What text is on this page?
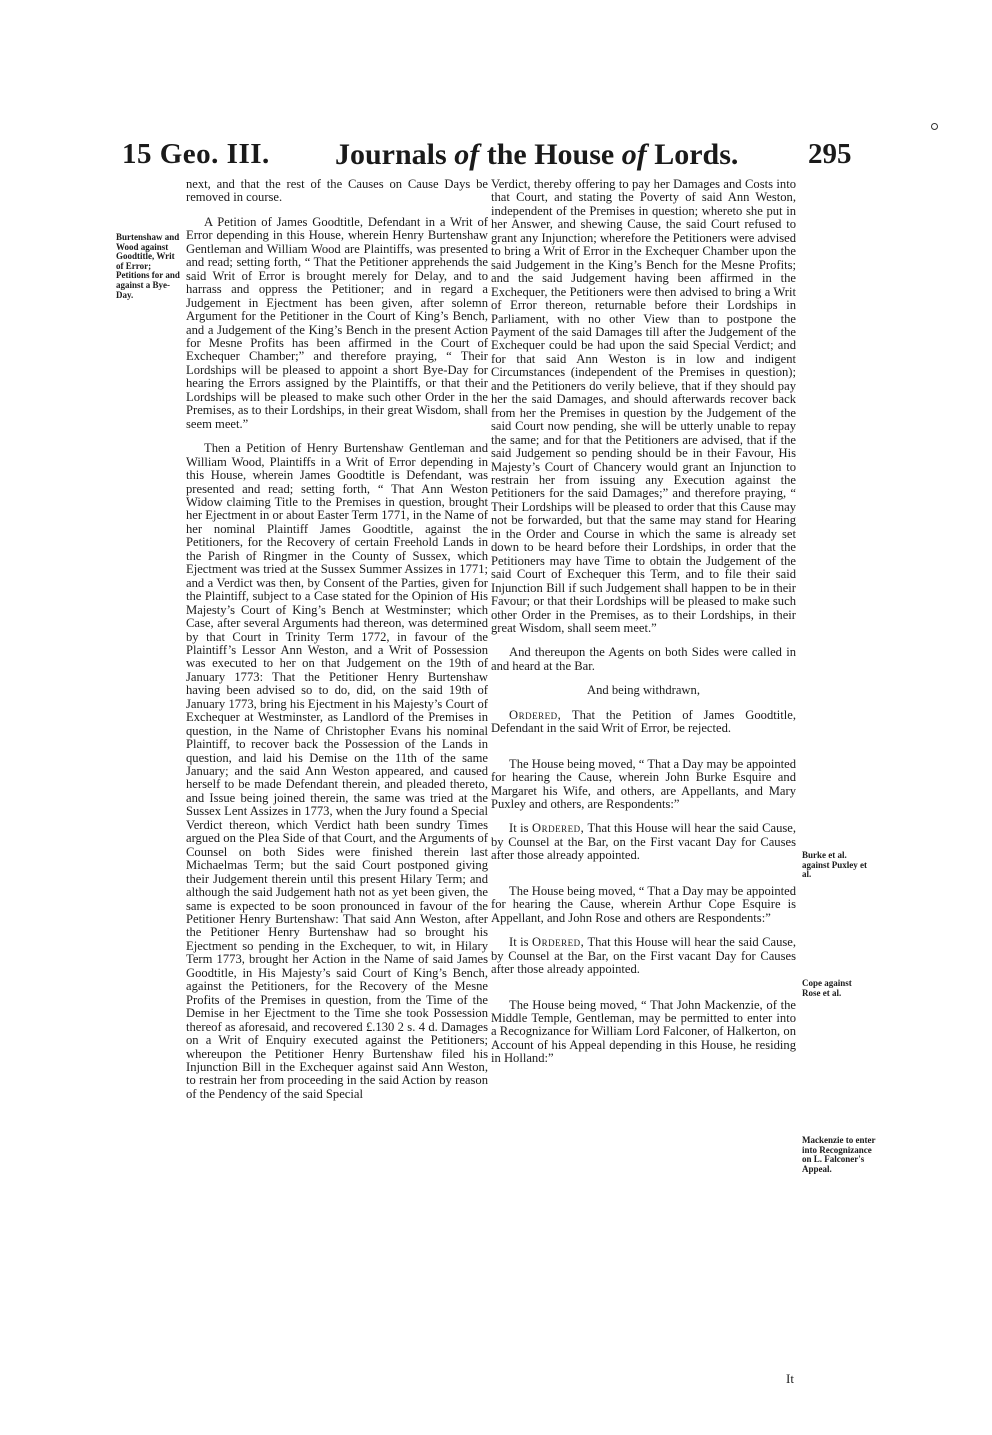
15 Geo. III. Journals of the House of Lords. 295
Burtenshaw and Wood against Goodtitle, Writ of Error; Petitions for and against a Bye-Day.
Burke et al. against Puxley et al.
Cope against Rose et al.
Mackenzie to enter into Recognizance on L. Falconer's Appeal.

next, and that the rest of the Causes on Cause Days be removed in course.

A Petition of James Goodtitle, Defendant in a Writ of Error depending in this House, wherein Henry Burtenshaw Gentleman and William Wood are Plaintiffs, was presented and read; setting forth, “ That the Petitioner apprehends the said Writ of Error is brought merely for Delay, and to harrass and oppress the Petitioner; and in regard a Judgement in Ejectment has been given, after solemn Argument for the Petitioner in the Court of King’s Bench, and a Judgement of the King’s Bench in the present Action for Mesne Profits has been affirmed in the Court of Exchequer Chamber;” and therefore praying, “ Their Lordships will be pleased to appoint a short Bye-Day for hearing the Errors assigned by the Plaintiffs, or that their Lordships will be pleased to make such other Order in the Premises, as to their Lordships, in their great Wisdom, shall seem meet.”

Then a Petition of Henry Burtenshaw Gentleman and William Wood, Plaintiffs in a Writ of Error depending in this House, wherein James Goodtitle is Defendant, was presented and read; setting forth, “ That Ann Weston Widow claiming Title to the Premises in question, brought her Ejectment in or about Easter Term 1771, in the Name of her nominal Plaintiff James Goodtitle, against the Petitioners, for the Recovery of certain Freehold Lands in the Parish of Ringmer in the County of Sussex, which Ejectment was tried at the Sussex Summer Assizes in 1771; and a Verdict was then, by Consent of the Parties, given for the Plaintiff, subject to a Case stated for the Opinion of His Majesty’s Court of King’s Bench at Westminster; which Case, after several Arguments had thereon, was determined by that Court in Trinity Term 1772, in favour of the Plaintiff’s Lessor Ann Weston, and a Writ of Possession was executed to her on that Judgement on the 19th of January 1773: That the Petitioner Henry Burtenshaw having been advised so to do, did, on the said 19th of January 1773, bring his Ejectment in his Majesty’s Court of Exchequer at Westminster, as Landlord of the Premises in question, in the Name of Christopher Evans his nominal Plaintiff, to recover back the Possession of the Lands in question, and laid his Demise on the 11th of the same January; and the said Ann Weston appeared, and caused herself to be made Defendant therein, and pleaded thereto, and Issue being joined therein, the same was tried at the Sussex Lent Assizes in 1773, when the Jury found a Special Verdict thereon, which Verdict hath been sundry Times argued on the Plea Side of that Court, and the Arguments of Counsel on both Sides were finished therein last Michaelmas Term; but the said Court postponed giving their Judgement therein until this present Hilary Term; and although the said Judgement hath not as yet been given, the same is expected to be soon pronounced in favour of the Petitioner Henry Burtenshaw: That said Ann Weston, after the Petitioner Henry Burtenshaw had so brought his Ejectment so pending in the Exchequer, to wit, in Hilary Term 1773, brought her Action in the Name of said James Goodtitle, in His Majesty’s said Court of King’s Bench, against the Petitioners, for the Recovery of the Mesne Profits of the Premises in question, from the Time of the Demise in her Ejectment to the Time she took Possession thereof as aforesaid, and recovered £.130 2 s. 4 d. Damages on a Writ of Enquiry executed against the Petitioners; whereupon the Petitioner Henry Burtenshaw filed his Injunction Bill in the Exchequer against said Ann Weston, to restrain her from proceeding in the said Action by reason of the Pendency of the said Special

Verdict, thereby offering to pay her Damages and Costs into that Court, and stating the Poverty of said Ann Weston, independent of the Premises in question; whereto she put in her Answer, and shewing Cause, the said Court refused to grant any Injunction; wherefore the Petitioners were advised to bring a Writ of Error in the Exchequer Chamber upon the said Judgement in the King’s Bench for the Mesne Profits; and the said Judgement having been affirmed in the Exchequer, the Petitioners were then advised to bring a Writ of Error thereon, returnable before their Lordships in Parliament, with no other View than to postpone the Payment of the said Damages till after the Judgement of the Exchequer could be had upon the said Special Verdict; and for that said Ann Weston is in low and indigent Circumstances (independent of the Premises in question); and the Petitioners do verily believe, that if they should pay her the said Damages, and should afterwards recover back from her the Premises in question by the Judgement of the said Court now pending, she will be utterly unable to repay the same; and for that the Petitioners are advised, that if the said Judgement so pending should be in their Favour, His Majesty’s Court of Chancery would grant an Injunction to restrain her from issuing any Execution against the Petitioners for the said Damages;” and therefore praying, “ Their Lordships will be pleased to order that this Cause may not be forwarded, but that the same may stand for Hearing in the Order and Course in which the same is already set down to be heard before their Lordships, in order that the Petitioners may have Time to obtain the Judgement of the said Court of Exchequer this Term, and to file their said Injunction Bill if such Judgement shall happen to be in their Favour; or that their Lordships will be pleased to make such other Order in the Premises, as to their Lordships, in their great Wisdom, shall seem meet.”

And thereupon the Agents on both Sides were called in and heard at the Bar.

And being withdrawn,

Ordered, That the Petition of James Goodtitle, Defendant in the said Writ of Error, be rejected.

The House being moved, “ That a Day may be appointed for hearing the Cause, wherein John Burke Esquire and Margaret his Wife, and others, are Appellants, and Mary Puxley and others, are Respondents:”

It is Ordered, That this House will hear the said Cause, by Counsel at the Bar, on the First vacant Day for Causes after those already appointed.

The House being moved, “ That a Day may be appointed for hearing the Cause, wherein Arthur Cope Esquire is Appellant, and John Rose and others are Respondents:”

It is Ordered, That this House will hear the said Cause, by Counsel at the Bar, on the First vacant Day for Causes after those already appointed.

The House being moved, “ That John Mackenzie, of the Middle Temple, Gentleman, may be permitted to enter into a Recognizance for William Lord Falconer, of Halkerton, on Account of his Appeal depending in this House, he residing in Holland:”

It
